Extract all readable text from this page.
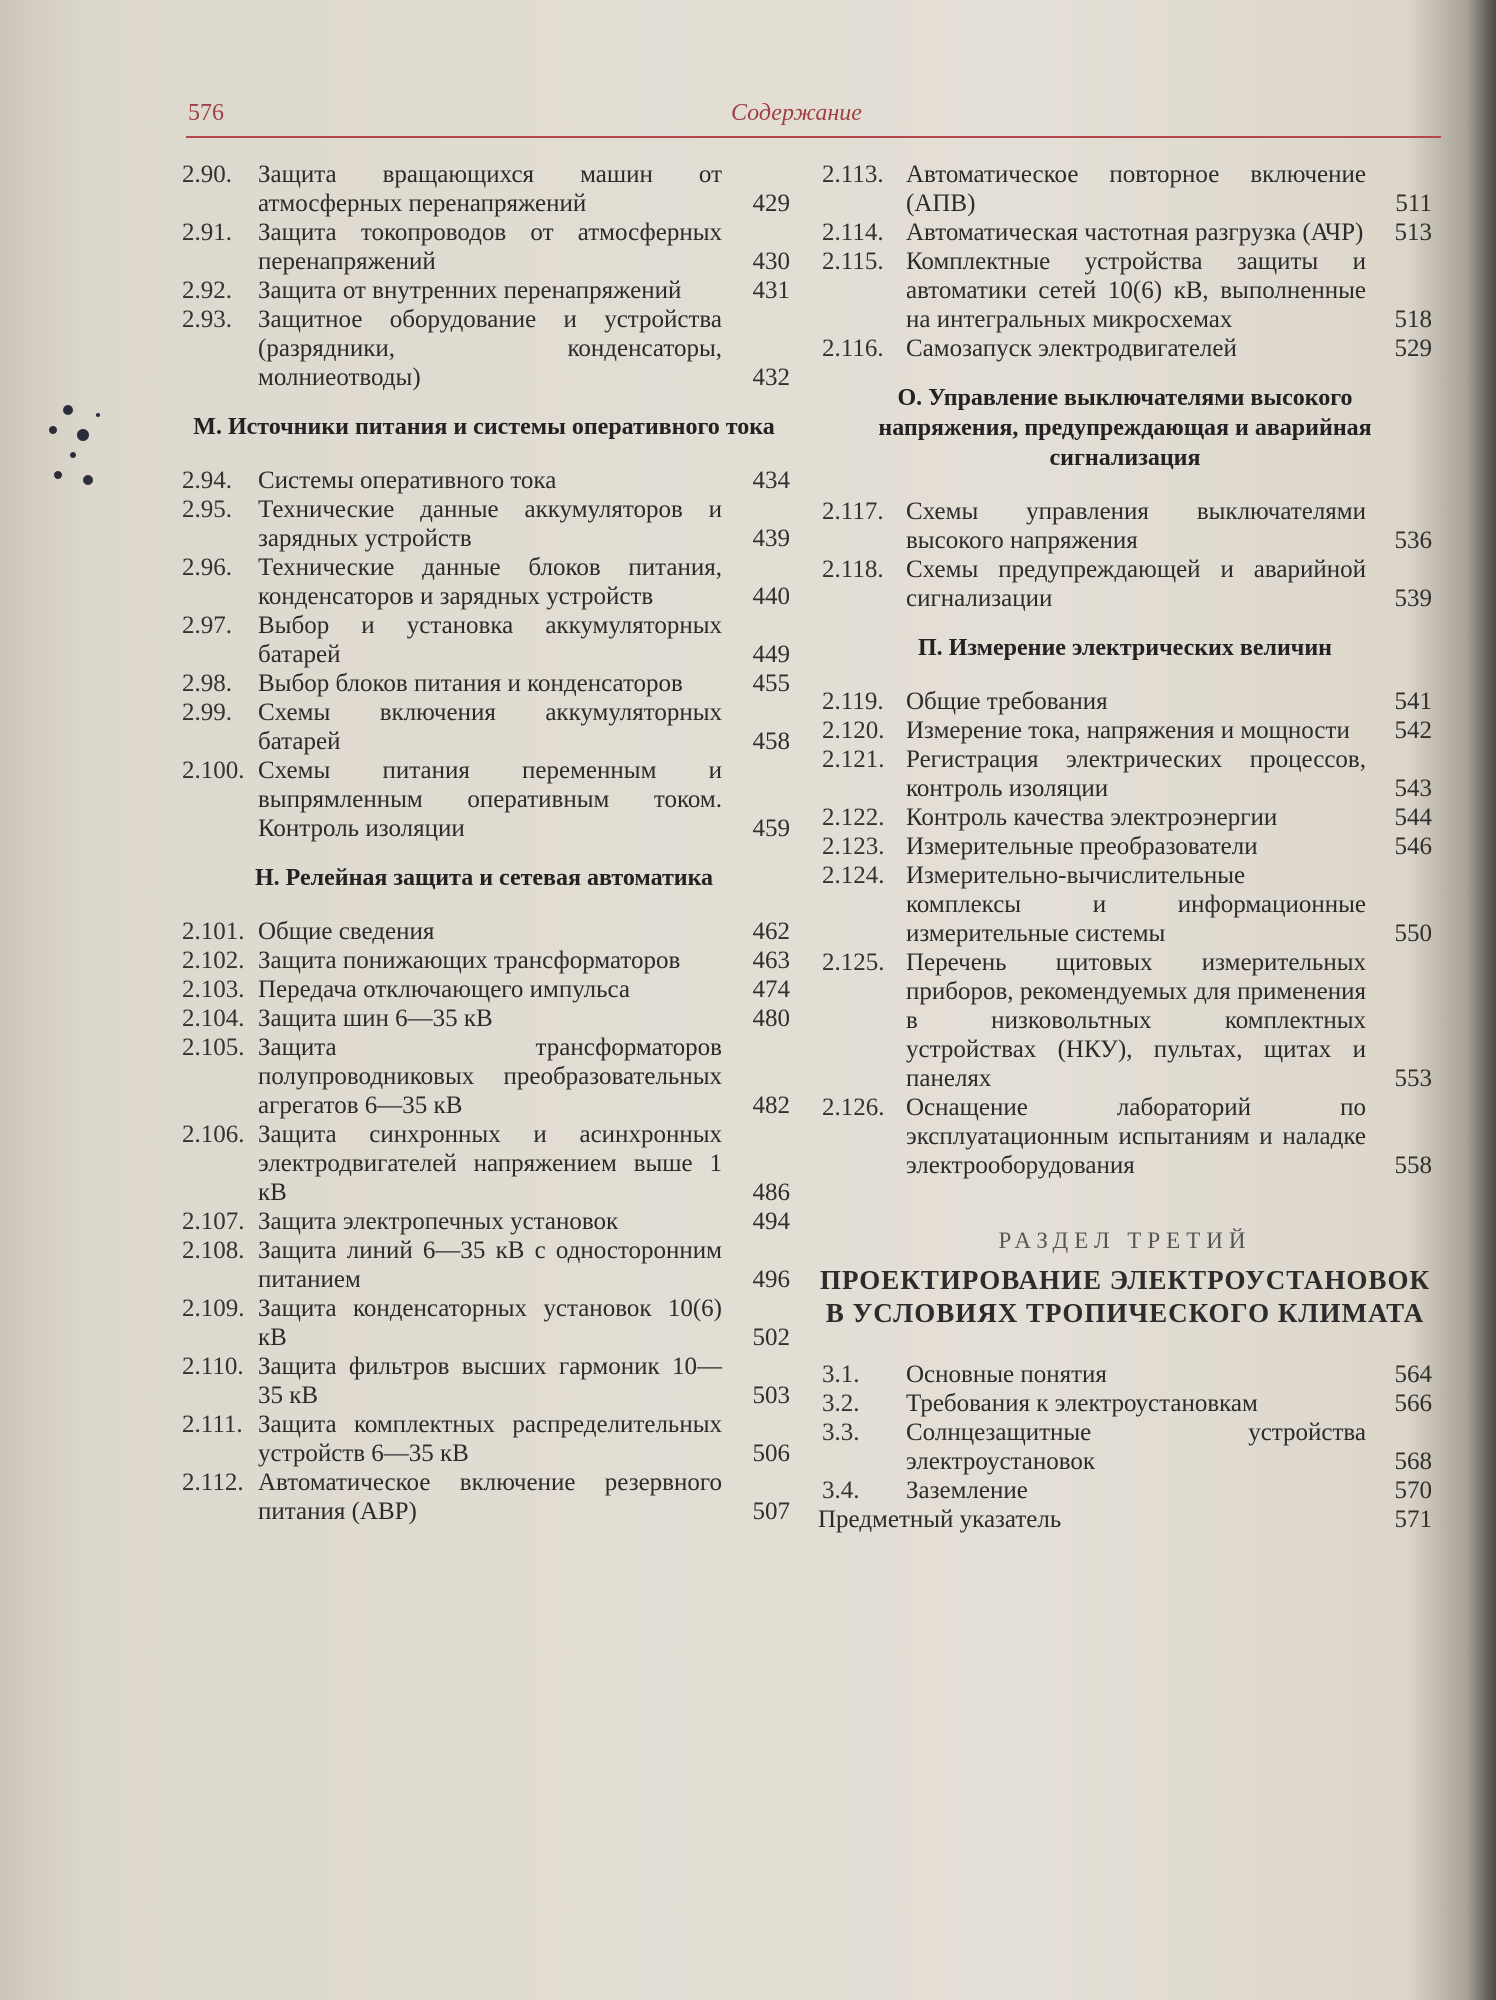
576	Содержание
2.90.	Защита вращающихся машин от атмосферных перенапряжений	429
2.91.	Защита токопроводов от атмосферных перенапряжений	430
2.92.	Защита от внутренних перенапряжений	431
2.93.	Защитное оборудование и устройства (разрядники, конденсаторы, молниеотводы)	432
М. Источники питания и системы оперативного тока
2.94.	Системы оперативного тока	434
2.95.	Технические данные аккумуляторов и зарядных устройств	439
2.96.	Технические данные блоков питания, конденсаторов и зарядных устройств	440
2.97.	Выбор и установка аккумуляторных батарей	449
2.98.	Выбор блоков питания и конденсаторов	455
2.99.	Схемы включения аккумуляторных батарей	458
2.100. Схемы питания переменным и выпрямленным оперативным током. Контроль изоляции	459
Н. Релейная защита и сетевая автоматика
2.101. Общие сведения	462
2.102. Защита понижающих трансформаторов	463
2.103. Передача отключающего импульса	474
2.104. Защита шин 6—35 кВ	480
2.105. Защита трансформаторов полупроводниковых преобразовательных агрегатов 6—35 кВ	482
2.106. Защита синхронных и асинхронных электродвигателей напряжением выше 1 кВ	486
2.107. Защита электропечных установок	494
2.108. Защита линий 6—35 кВ с односторонним питанием	496
2.109. Защита конденсаторных установок 10(6) кВ	502
2.110. Защита фильтров высших гармоник 10—35 кВ	503
2.111. Защита комплектных распределительных устройств 6—35 кВ	506
2.112. Автоматическое включение резервного питания (АВР)	507
2.113. Автоматическое повторное включение (АПВ)	511
2.114. Автоматическая частотная разгрузка (АЧР)	513
2.115. Комплектные устройства защиты и автоматики сетей 10(6) кВ, выполненные на интегральных микросхемах	518
2.116. Самозапуск электродвигателей	529
О. Управление выключателями высокого напряжения, предупреждающая и аварийная сигнализация
2.117. Схемы управления выключателями высокого напряжения	536
2.118. Схемы предупреждающей и аварийной сигнализации	539
П. Измерение электрических величин
2.119. Общие требования	541
2.120. Измерение тока, напряжения и мощности	542
2.121. Регистрация электрических процессов, контроль изоляции	543
2.122. Контроль качества электроэнергии	544
2.123. Измерительные преобразователи	546
2.124. Измерительно-вычислительные комплексы и информационные измерительные системы	550
2.125. Перечень щитовых измерительных приборов, рекомендуемых для применения в низковольтных комплектных устройствах (НКУ), пультах, щитах и панелях	553
2.126. Оснащение лабораторий по эксплуатационным испытаниям и наладке электрооборудования	558
РАЗДЕЛ ТРЕТИЙ
ПРОЕКТИРОВАНИЕ ЭЛЕКТРОУСТАНОВОК В УСЛОВИЯХ ТРОПИЧЕСКОГО КЛИМАТА
3.1.	Основные понятия	564
3.2.	Требования к электроустановкам	566
3.3.	Солнцезащитные устройства электроустановок	568
3.4.	Заземление	570
Предметный указатель	571
